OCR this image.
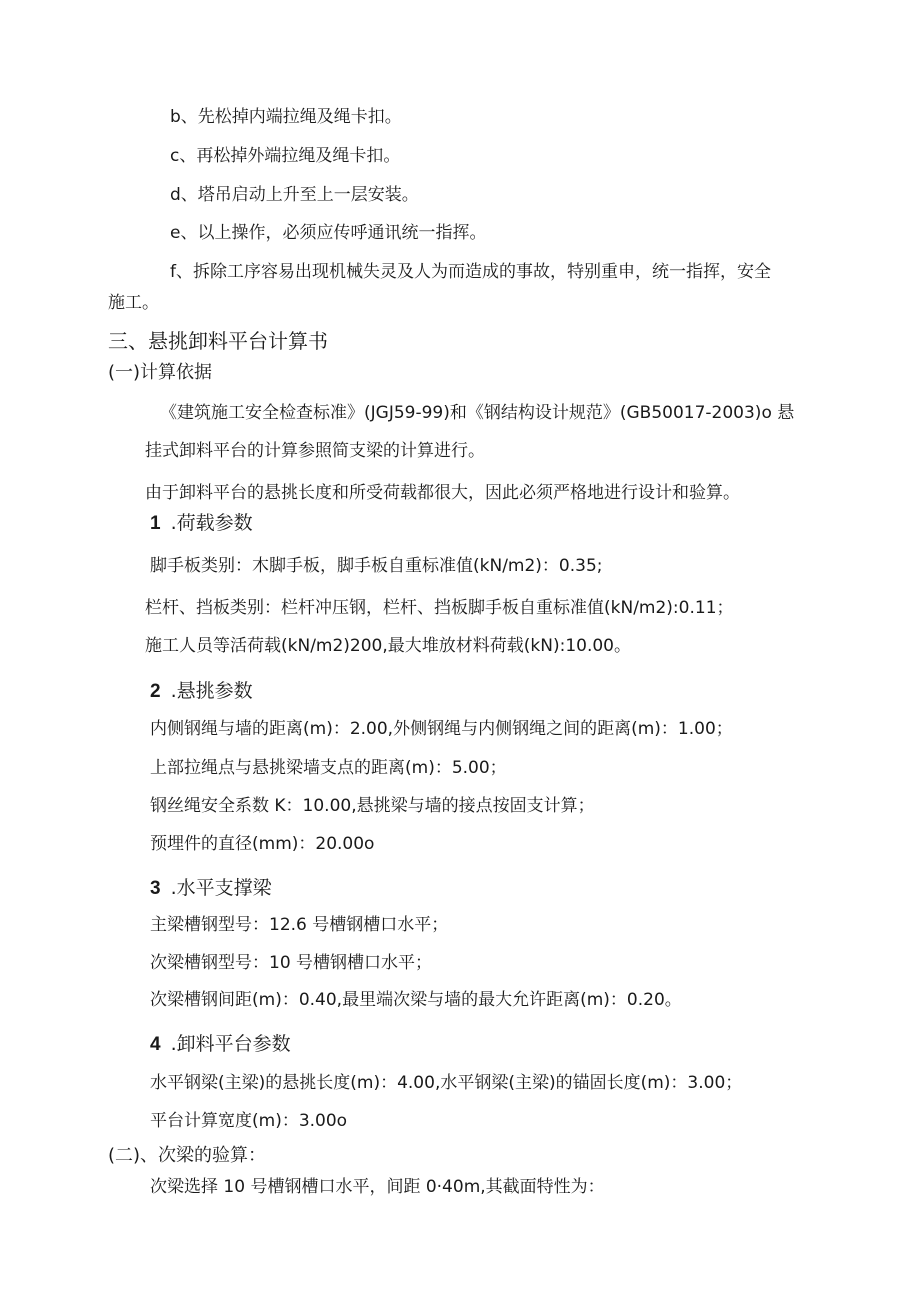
b、先松掉内端拉绳及绳卡扣。
c、再松掉外端拉绳及绳卡扣。
d、塔吊启动上升至上一层安装。
e、以上操作，必须应传呼通讯统一指挥。
f、拆除工序容易出现机械失灵及人为而造成的事故，特别重申，统一指挥，安全
施工。
三、悬挑卸料平台计算书
(一)计算依据
《建筑施工安全检查标准》(JGJ59-99)和《钢结构设计规范》(GB50017-2003)o 悬
挂式卸料平台的计算参照简支梁的计算进行。
由于卸料平台的悬挑长度和所受荷载都很大，因此必须严格地进行设计和验算。
1 .荷载参数
脚手板类别：木脚手板，脚手板自重标准值(kN∕m2)：0.35;
栏杆、挡板类别：栏杆冲压钢，栏杆、挡板脚手板自重标准值(kN∕m2):0.11；
施工人员等活荷载(kN∕m2)200,最大堆放材料荷载(kN):10.00。
2 .悬挑参数
内侧钢绳与墙的距离(m)：2.00,外侧钢绳与内侧钢绳之间的距离(m)：1.00；
上部拉绳点与悬挑梁墙支点的距离(m)：5.00；
钢丝绳安全系数 K：10.00,悬挑梁与墙的接点按固支计算；
预埋件的直径(mm)：20.00o
3 .水平支撑梁
主梁槽钢型号：12.6 号槽钢槽口水平；
次梁槽钢型号：10 号槽钢槽口水平；
次梁槽钢间距(m)：0.40,最里端次梁与墙的最大允许距离(m)：0.20。
4 .卸料平台参数
水平钢梁(主梁)的悬挑长度(m)：4.00,水平钢梁(主梁)的锚固长度(m)：3.00；
平台计算宽度(m)：3.00o
(二)、次梁的验算：
次梁选择 10 号槽钢槽口水平，间距 0·40m,其截面特性为：
